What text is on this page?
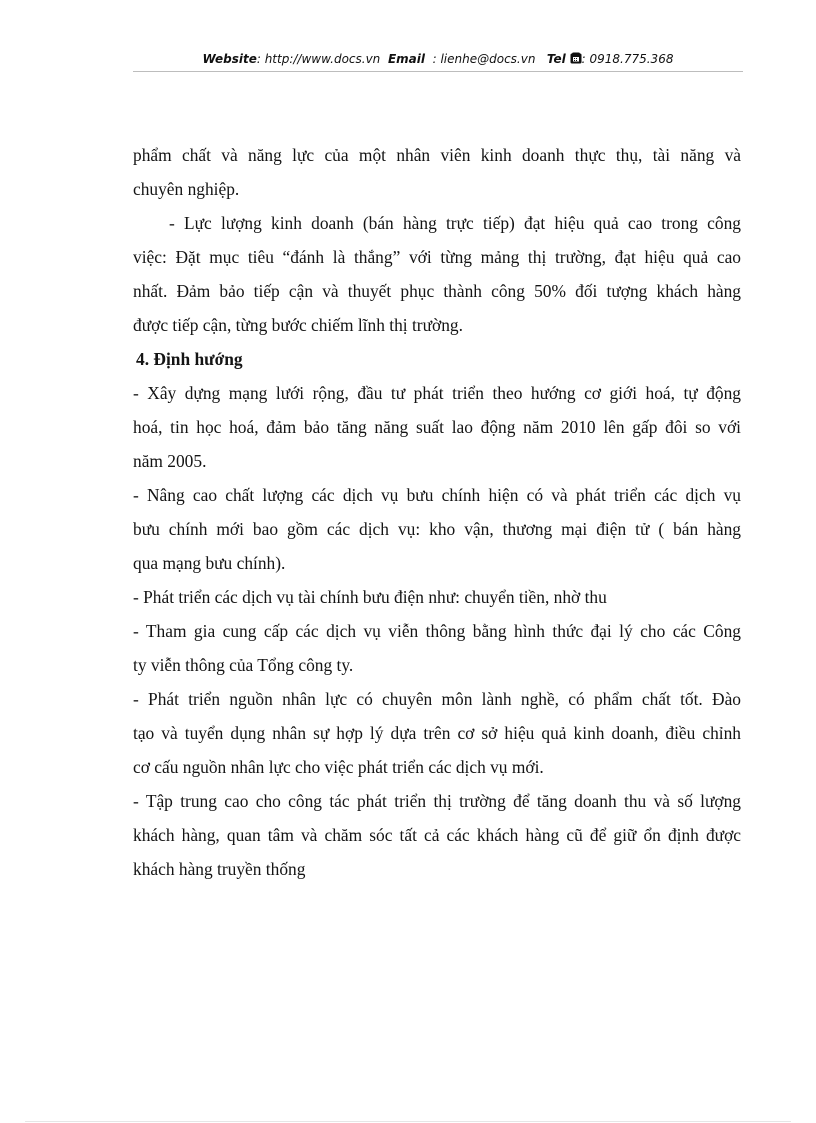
Website: http://www.docs.vn Email : lienhe@docs.vn Tel : 0918.775.368
phẩm chất và năng lực của một nhân viên kinh doanh thực thụ, tài năng và
chuyên nghiệp.
- Lực lượng kinh doanh (bán hàng trực tiếp) đạt hiệu quả cao trong công
việc: Đặt mục tiêu “đánh là thắng” với từng mảng thị trường, đạt hiệu quả cao
nhất. Đảm bảo tiếp cận và thuyết phục thành công 50% đối tượng khách hàng
được tiếp cận, từng bước chiếm lĩnh thị trường.
4. Định hướng
- Xây dựng mạng lưới rộng, đầu tư phát triển theo hướng cơ giới hoá, tự động
hoá, tin học hoá, đảm bảo tăng năng suất lao động năm 2010 lên gấp đôi so với
năm 2005.
- Nâng cao chất lượng các dịch vụ bưu chính hiện có và phát triển các dịch vụ
bưu chính mới bao gồm các dịch vụ: kho vận, thương mại điện tử ( bán hàng
qua mạng bưu chính).
- Phát triển các dịch vụ tài chính bưu điện như: chuyển tiền, nhờ thu
- Tham gia cung cấp các dịch vụ viễn thông bằng hình thức đại lý cho các Công
ty viễn thông của Tổng công ty.
- Phát triển nguồn nhân lực có chuyên môn lành nghề, có phẩm chất tốt. Đào
tạo và tuyển dụng nhân sự hợp lý dựa trên cơ sở hiệu quả kinh doanh, điều chỉnh
cơ cấu nguồn nhân lực cho việc phát triển các dịch vụ mới.
- Tập trung cao cho công tác phát triển thị trường để tăng doanh thu và số lượng
khách hàng, quan tâm và chăm sóc tất cả các khách hàng cũ để giữ ổn định được
khách hàng truyền thống
